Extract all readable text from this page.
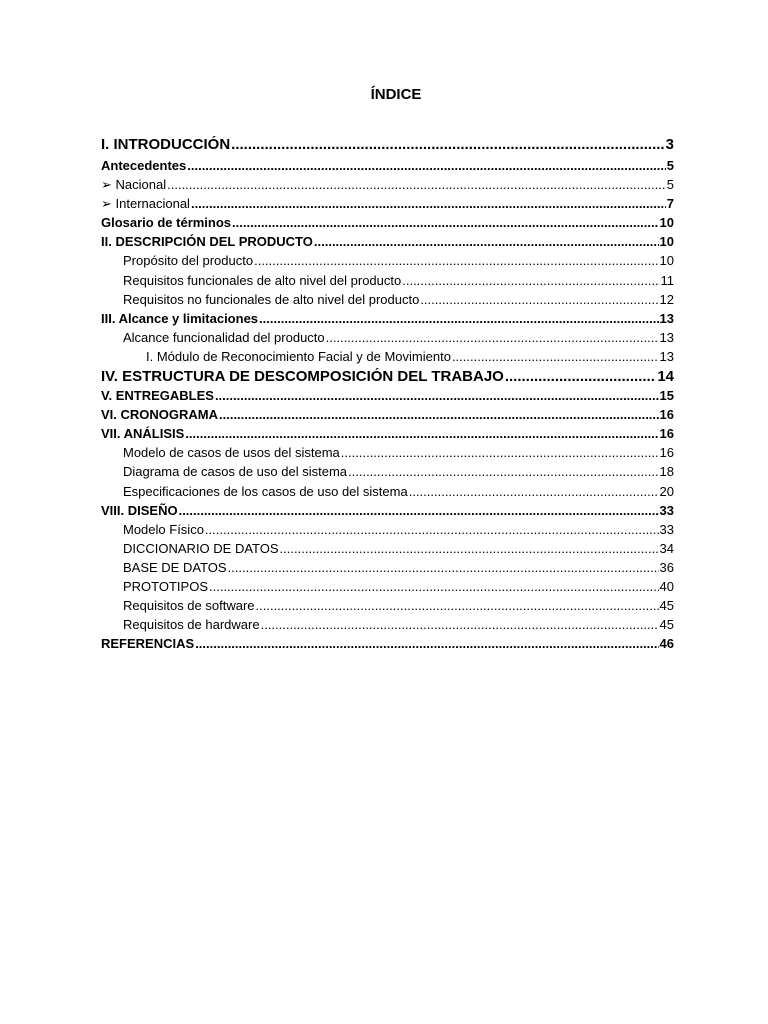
ÍNDICE
I. INTRODUCCIÓN .....	3
Antecedentes .....	5
➢ Nacional .....	5
➢ Internacional .....	7
Glosario de términos .....	10
II. DESCRIPCIÓN DEL PRODUCTO .....	10
Propósito del producto .....	10
Requisitos funcionales de alto nivel del producto .....	11
Requisitos no funcionales de alto nivel del producto .....	12
III. Alcance y limitaciones .....	13
Alcance funcionalidad del producto .....	13
I. Módulo de Reconocimiento Facial y de Movimiento .....	13
IV. ESTRUCTURA DE DESCOMPOSICIÓN DEL TRABAJO .....	14
V. ENTREGABLES .....	15
VI. CRONOGRAMA .....	16
VII. ANÁLISIS .....	16
Modelo de casos de usos del sistema .....	16
Diagrama de casos de uso del sistema .....	18
Especificaciones de los casos de uso del sistema .....	20
VIII. DISEÑO .....	33
Modelo Físico .....	33
DICCIONARIO DE DATOS .....	34
BASE DE DATOS .....	36
PROTOTIPOS .....	40
Requisitos de software .....	45
Requisitos de hardware .....	45
REFERENCIAS .....	46
